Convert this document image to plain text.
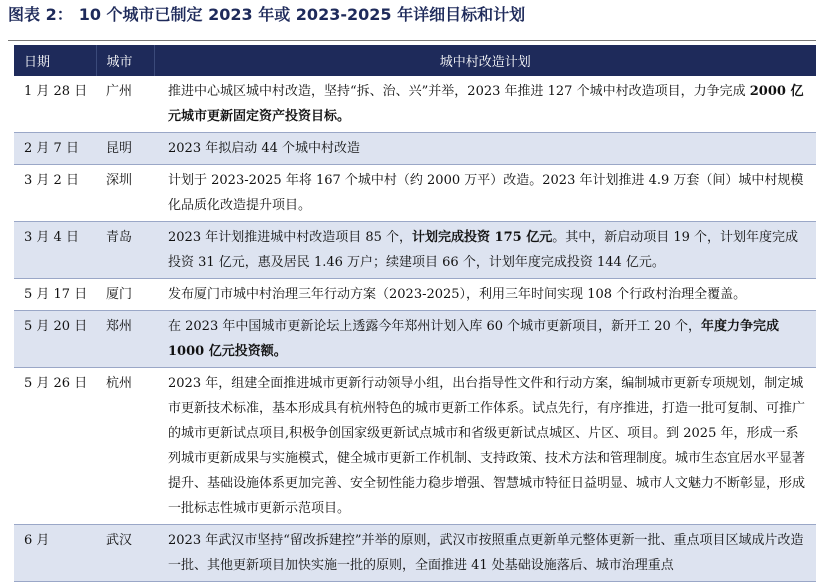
图表 2： 10 个城市已制定 2023 年或 2023-2025 年详细目标和计划
日期	城市	城中村改造计划
1 月 28 日	广州	推进中心城区城中村改造，坚持“拆、治、兴”并举，2023 年推进 127 个城中村改造项目，力争完成 2000 亿元城市更新固定资产投资目标。
2 月 7 日	昆明	2023 年拟启动 44 个城中村改造
3 月 2 日	深圳	计划于 2023-2025 年将 167 个城中村（约 2000 万平）改造。2023 年计划推进 4.9 万套（间）城中村规模化品质化改造提升项目。
3 月 4 日	青岛	2023 年计划推进城中村改造项目 85 个，计划完成投资 175 亿元。其中，新启动项目 19 个，计划年度完成投资 31 亿元，惠及居民 1.46 万户；续建项目 66 个，计划年度完成投资 144 亿元。
5 月 17 日	厦门	发布厦门市城中村治理三年行动方案（2023-2025），利用三年时间实现 108 个行政村治理全覆盖。
5 月 20 日	郑州	在 2023 年中国城市更新论坛上透露今年郑州计划入库 60 个城市更新项目，新开工 20 个，年度力争完成 1000 亿元投资额。
5 月 26 日	杭州	2023 年，组建全面推进城市更新行动领导小组，出台指导性文件和行动方案，编制城市更新专项规划，制定城市更新技术标准，基本形成具有杭州特色的城市更新工作体系。试点先行，有序推进，打造一批可复制、可推广的城市更新试点项目,积极争创国家级更新试点城市和省级更新试点城区、片区、项目。到 2025 年，形成一系列城市更新成果与实施模式，健全城市更新工作机制、支持政策、技术方法和管理制度。城市生态宜居水平显著提升、基础设施体系更加完善、安全韧性能力稳步增强、智慧城市特征日益明显、城市人文魅力不断彰显，形成一批标志性城市更新示范项目。
6 月	武汉	2023 年武汉市坚持“留改拆建控”并举的原则，武汉市按照重点更新单元整体更新一批、重点项目区域成片改造一批、其他更新项目加快实施一批的原则，全面推进 41 处基础设施落后、城市治理重点
